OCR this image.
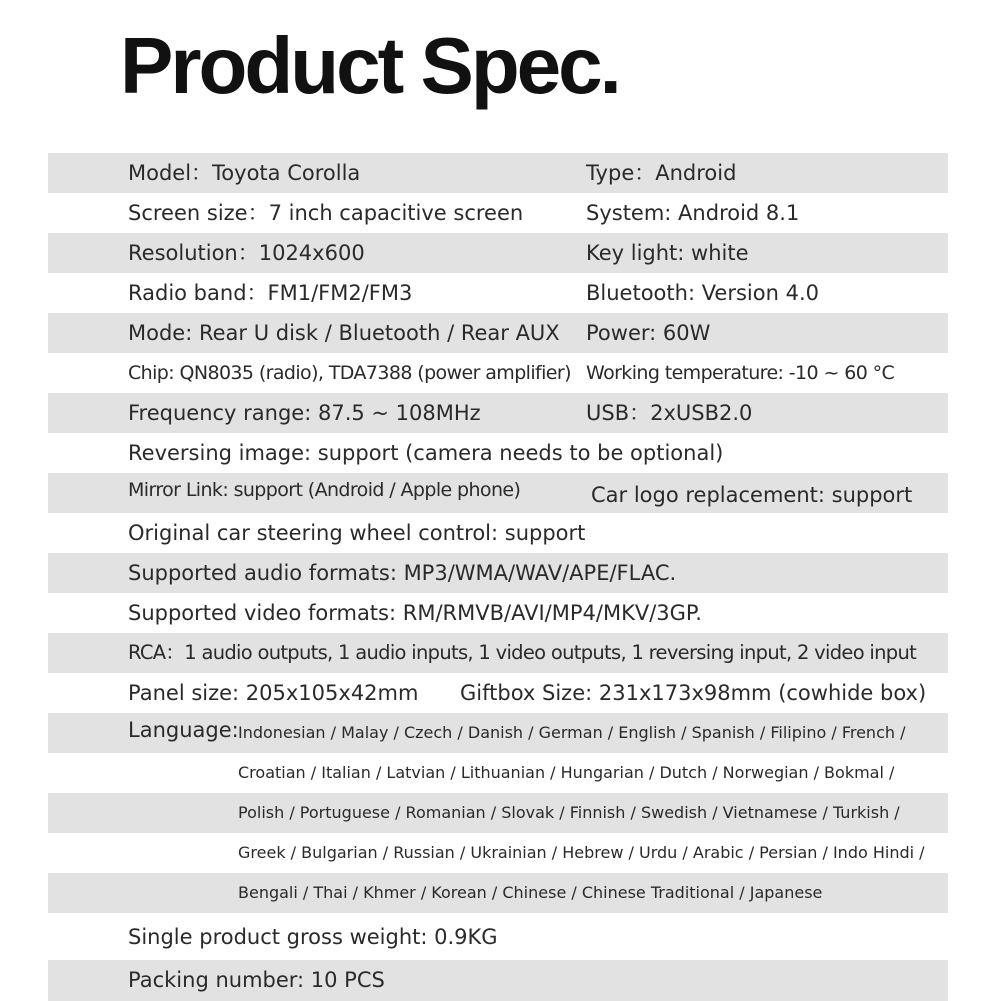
Product Spec.
Model：Toyota Corolla	Type：Android
Screen size：7 inch capacitive screen	System: Android 8.1
Resolution：1024x600	Key light: white
Radio band：FM1/FM2/FM3	Bluetooth: Version 4.0
Mode: Rear U disk / Bluetooth / Rear AUX Power: 60W
Chip: QN8035 (radio), TDA7388 (power amplifier) Working temperature: -10 ~ 60 °C
Frequency range: 87.5 ~ 108MHz	USB：2xUSB2.0
Reversing image: support (camera needs to be optional)
Mirror Link: support (Android / Apple phone)	Car logo replacement: support
Original car steering wheel control: support
Supported audio formats: MP3/WMA/WAV/APE/FLAC.
Supported video formats: RM/RMVB/AVI/MP4/MKV/3GP.
RCA：1 audio outputs, 1 audio inputs, 1 video outputs, 1 reversing input, 2 video input
Panel size: 205x105x42mm Giftbox Size: 231x173x98mm (cowhide box)
Language: Indonesian / Malay / Czech / Danish / German / English / Spanish / Filipino / French /
Croatian / Italian / Latvian / Lithuanian / Hungarian / Dutch / Norwegian / Bokmal /
Polish / Portuguese / Romanian / Slovak / Finnish / Swedish / Vietnamese / Turkish /
Greek / Bulgarian / Russian / Ukrainian / Hebrew / Urdu / Arabic / Persian / Indo Hindi /
Bengali / Thai / Khmer / Korean / Chinese / Chinese Traditional / Japanese
Single product gross weight: 0.9KG
Packing number: 10 PCS
